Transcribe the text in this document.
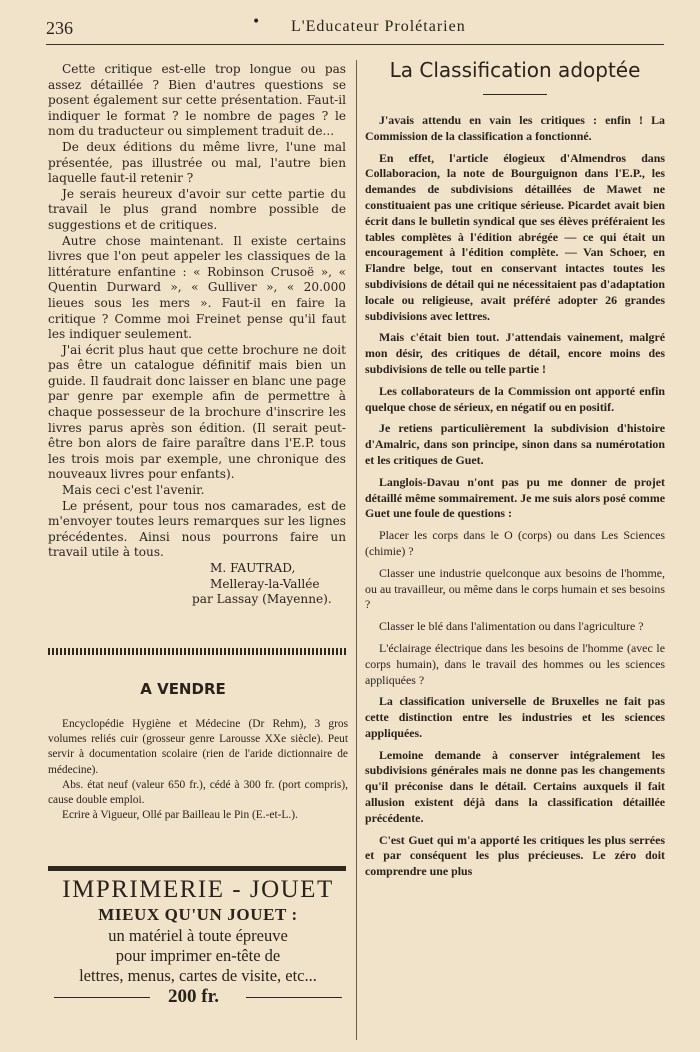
236	• L'Educateur Prolétarien

Cette critique est-elle trop longue ou pas assez détaillée ? Bien d'autres questions se posent également sur cette présentation. Faut-il indiquer le format ? le nombre de pages ? le nom du traducteur ou simplement traduit de...

De deux éditions du même livre, l'une mal présentée, pas illustrée ou mal, l'autre bien laquelle faut-il retenir ?

Je serais heureux d'avoir sur cette partie du travail le plus grand nombre possible de suggestions et de critiques.

Autre chose maintenant. Il existe certains livres que l'on peut appeler les classiques de la littérature enfantine : « Robinson Crusoë », « Quentin Durward », « Gulliver », « 20.000 lieues sous les mers ». Faut-il en faire la critique ? Comme moi Freinet pense qu'il faut les indiquer seulement.

J'ai écrit plus haut que cette brochure ne doit pas être un catalogue définitif mais bien un guide. Il faudrait donc laisser en blanc une page par genre par exemple afin de permettre à chaque possesseur de la brochure d'inscrire les livres parus après son édition. (Il serait peut-être bon alors de faire paraître dans l'E.P. tous les trois mois par exemple, une chronique des nouveaux livres pour enfants).

Mais ceci c'est l'avenir.

Le présent, pour tous nos camarades, est de m'envoyer toutes leurs remarques sur les lignes précédentes. Ainsi nous pourrons faire un travail utile à tous.

M. FAUTRAD,

Melleray-la-Vallée

par Lassay (Mayenne).

A VENDRE

Encyclopédie Hygiène et Médecine (Dr Rehm), 3 gros volumes reliés cuir (grosseur genre Larousse XXe siècle). Peut servir à documentation scolaire (rien de l'aride dictionnaire de médecine).

Abs. état neuf (valeur 650 fr.), cédé à 300 fr. (port compris), cause double emploi.

Ecrire à Vigueur, Ollé par Bailleau le Pin (E.-et-L.).

IMPRIMERIE - JOUET
MIEUX QU'UN JOUET :
un matériel à toute épreuve
pour imprimer en-tête de
lettres, menus, cartes de visite, etc...
200 fr.
La Classification adoptée

J'avais attendu en vain les critiques : enfin ! La Commission de la classification a fonctionné.

En effet, l'article élogieux d'Almendros dans Collaboracion, la note de Bourguignon dans l'E.P., les demandes de subdivisions détaillées de Mawet ne constituaient pas une critique sérieuse. Picardet avait bien écrit dans le bulletin syndical que ses élèves préféraient les tables complètes à l'édition abrégée — ce qui était un encouragement à l'édition complète. — Van Schoer, en Flandre belge, tout en conservant intactes toutes les subdivisions de détail qui ne nécessitaient pas d'adaptation locale ou religieuse, avait préféré adopter 26 grandes subdivisions avec lettres.

Mais c'était bien tout. J'attendais vainement, malgré mon désir, des critiques de détail, encore moins des subdivisions de telle ou telle partie !

Les collaborateurs de la Commission ont apporté enfin quelque chose de sérieux, en négatif ou en positif.

Je retiens particulièrement la subdivision d'histoire d'Amalric, dans son principe, sinon dans sa numérotation et les critiques de Guet.

Langlois-Davau n'ont pas pu me donner de projet détaillé même sommairement. Je me suis alors posé comme Guet une foule de questions :

Placer les corps dans le O (corps) ou dans Les Sciences (chimie) ?

Classer une industrie quelconque aux besoins de l'homme, ou au travailleur, ou même dans le corps humain et ses besoins ?

Classer le blé dans l'alimentation ou dans l'agriculture ?

L'éclairage électrique dans les besoins de l'homme (avec le corps humain), dans le travail des hommes ou les sciences appliquées ?

La classification universelle de Bruxelles ne fait pas cette distinction entre les industries et les sciences appliquées.

Lemoine demande à conserver intégralement les subdivisions générales mais ne donne pas les changements qu'il préconise dans le détail. Certains auxquels il fait allusion existent déjà dans la classification détaillée précédente.

C'est Guet qui m'a apporté les critiques les plus serrées et par conséquent les plus précieuses. Le zéro doit comprendre une plus
